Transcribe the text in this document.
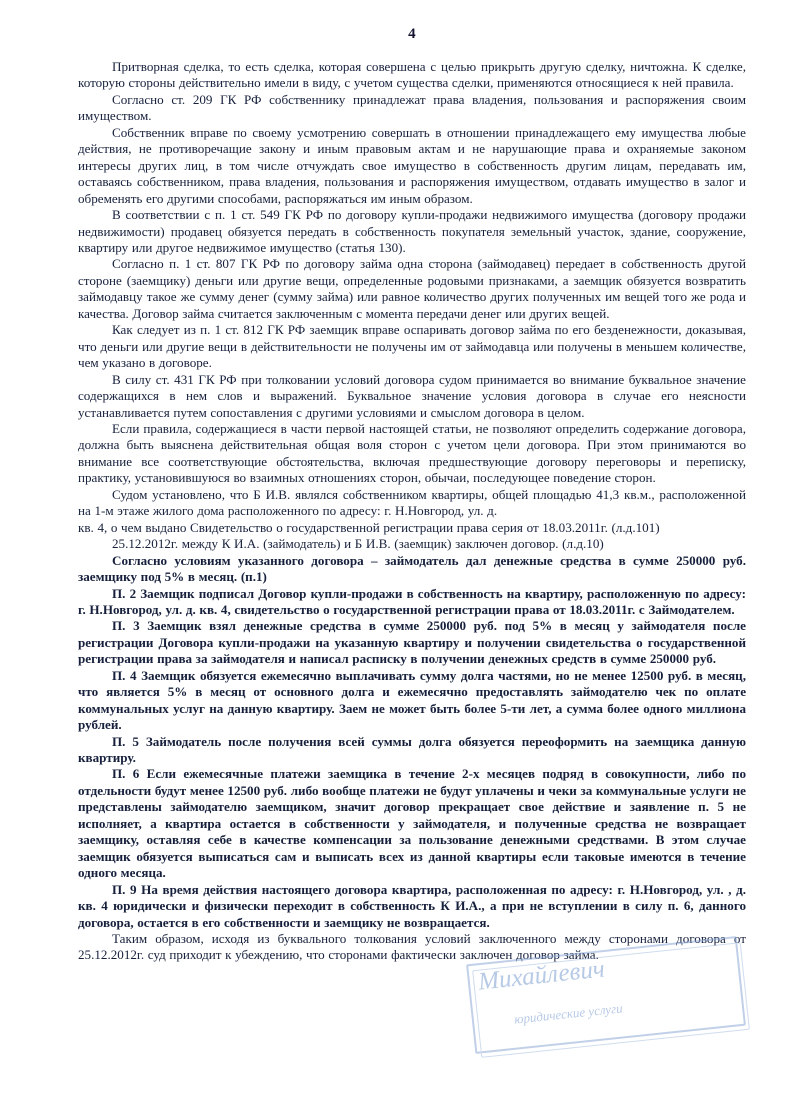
4

Притворная сделка, то есть сделка, которая совершена с целью прикрыть другую сделку, ничтожна. К сделке, которую стороны действительно имели в виду, с учетом существа сделки, применяются относящиеся к ней правила.

Согласно ст. 209 ГК РФ собственнику принадлежат права владения, пользования и распоряжения своим имуществом.

Собственник вправе по своему усмотрению совершать в отношении принадлежащего ему имущества любые действия, не противоречащие закону и иным правовым актам и не нарушающие права и охраняемые законом интересы других лиц, в том числе отчуждать свое имущество в собственность другим лицам, передавать им, оставаясь собственником, права владения, пользования и распоряжения имуществом, отдавать имущество в залог и обременять его другими способами, распоряжаться им иным образом.

В соответствии с п. 1 ст. 549 ГК РФ по договору купли-продажи недвижимого имущества (договору продажи недвижимости) продавец обязуется передать в собственность покупателя земельный участок, здание, сооружение, квартиру или другое недвижимое имущество (статья 130).

Согласно п. 1 ст. 807 ГК РФ по договору займа одна сторона (займодавец) передает в собственность другой стороне (заемщику) деньги или другие вещи, определенные родовыми признаками, а заемщик обязуется возвратить займодавцу такое же сумму денег (сумму займа) или равное количество других полученных им вещей того же рода и качества. Договор займа считается заключенным с момента передачи денег или других вещей.

Как следует из п. 1 ст. 812 ГК РФ заемщик вправе оспаривать договор займа по его безденежности, доказывая, что деньги или другие вещи в действительности не получены им от займодавца или получены в меньшем количестве, чем указано в договоре.

В силу ст. 431 ГК РФ при толковании условий договора судом принимается во внимание буквальное значение содержащихся в нем слов и выражений. Буквальное значение условия договора в случае его неясности устанавливается путем сопоставления с другими условиями и смыслом договора в целом.

Если правила, содержащиеся в части первой настоящей статьи, не позволяют определить содержание договора, должна быть выяснена действительная общая воля сторон с учетом цели договора. При этом принимаются во внимание все соответствующие обстоятельства, включая предшествующие договору переговоры и переписку, практику, установившуюся во взаимных отношениях сторон, обычаи, последующее поведение сторон.

Судом установлено, что Б И.В. являлся собственником квартиры, общей площадью 41,3 кв.м., расположенной на 1-м этаже жилого дома расположенного по адресу: г. Н.Новгород, ул. д.

кв. 4, о чем выдано Свидетельство о государственной регистрации права серия от 18.03.2011г. (л.д.101)

25.12.2012г. между К И.А. (займодатель) и Б И.В. (заемщик) заключен договор. (л.д.10)

Согласно условиям указанного договора – займодатель дал денежные средства в сумме 250000 руб. заемщику под 5% в месяц. (п.1)

П. 2 Заемщик подписал Договор купли-продажи в собственность на квартиру, расположенную по адресу: г. Н.Новгород, ул. д. кв. 4, свидетельство о государственной регистрации права от 18.03.2011г. с Займодателем.

П. 3 Заемщик взял денежные средства в сумме 250000 руб. под 5% в месяц у займодателя после регистрации Договора купли-продажи на указанную квартиру и получении свидетельства о государственной регистрации права за займодателя и написал расписку в получении денежных средств в сумме 250000 руб.

П. 4 Заемщик обязуется ежемесячно выплачивать сумму долга частями, но не менее 12500 руб. в месяц, что является 5% в месяц от основного долга и ежемесячно предоставлять займодателю чек по оплате коммунальных услуг на данную квартиру. Заем не может быть более 5-ти лет, а сумма более одного миллиона рублей.

П. 5 Займодатель после получения всей суммы долга обязуется переоформить на заемщика данную квартиру.

П. 6 Если ежемесячные платежи заемщика в течение 2-х месяцев подряд в совокупности, либо по отдельности будут менее 12500 руб. либо вообще платежи не будут уплачены и чеки за коммунальные услуги не представлены займодателю заемщиком, значит договор прекращает свое действие и заявление п. 5 не исполняет, а квартира остается в собственности у займодателя, и полученные средства не возвращает заемщику, оставляя себе в качестве компенсации за пользование денежными средствами. В этом случае заемщик обязуется выписаться сам и выписать всех из данной квартиры если таковые имеются в течение одного месяца.

П. 9 На время действия настоящего договора квартира, расположенная по адресу: г. Н.Новгород, ул. , д. кв. 4 юридически и физически переходит в собственность К И.А., а при не вступлении в силу п. 6, данного договора, остается в его собственности и заемщику не возвращается.

Таким образом, исходя из буквального толкования условий заключенного между сторонами договора от 25.12.2012г. суд приходит к убеждению, что сторонами фактически заключен договор займа.

Михайлевич
юридические услуги
